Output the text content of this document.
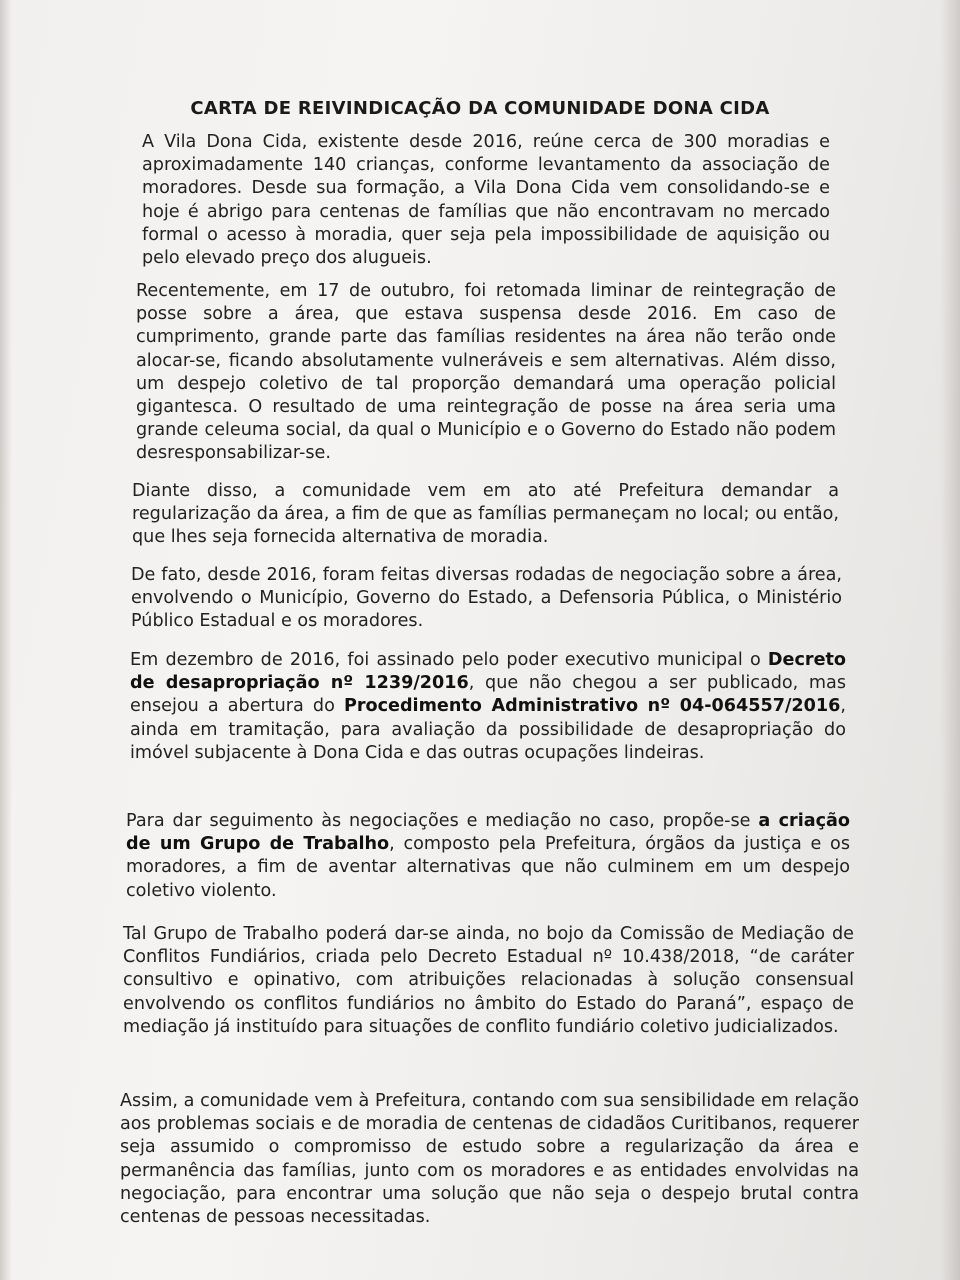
CARTA DE REIVINDICAÇÃO DA COMUNIDADE DONA CIDA

A Vila Dona Cida, existente desde 2016, reúne cerca de 300 moradias e aproximadamente 140 crianças, conforme levantamento da associação de moradores. Desde sua formação, a Vila Dona Cida vem consolidando-se e hoje é abrigo para centenas de famílias que não encontravam no mercado formal o acesso à moradia, quer seja pela impossibilidade de aquisição ou pelo elevado preço dos alugueis.

Recentemente, em 17 de outubro, foi retomada liminar de reintegração de posse sobre a área, que estava suspensa desde 2016. Em caso de cumprimento, grande parte das famílias residentes na área não terão onde alocar-se, ficando absolutamente vulneráveis e sem alternativas. Além disso, um despejo coletivo de tal proporção demandará uma operação policial gigantesca. O resultado de uma reintegração de posse na área seria uma grande celeuma social, da qual o Município e o Governo do Estado não podem desresponsabilizar-se.

Diante disso, a comunidade vem em ato até Prefeitura demandar a regularização da área, a fim de que as famílias permaneçam no local; ou então, que lhes seja fornecida alternativa de moradia.

De fato, desde 2016, foram feitas diversas rodadas de negociação sobre a área, envolvendo o Município, Governo do Estado, a Defensoria Pública, o Ministério Público Estadual e os moradores.

Em dezembro de 2016, foi assinado pelo poder executivo municipal o Decreto de desapropriação nº 1239/2016, que não chegou a ser publicado, mas ensejou a abertura do Procedimento Administrativo nº 04-064557/2016, ainda em tramitação, para avaliação da possibilidade de desapropriação do imóvel subjacente à Dona Cida e das outras ocupações lindeiras.

Para dar seguimento às negociações e mediação no caso, propõe-se a criação de um Grupo de Trabalho, composto pela Prefeitura, órgãos da justiça e os moradores, a fim de aventar alternativas que não culminem em um despejo coletivo violento.

Tal Grupo de Trabalho poderá dar-se ainda, no bojo da Comissão de Mediação de Conflitos Fundiários, criada pelo Decreto Estadual nº 10.438/2018, “de caráter consultivo e opinativo, com atribuições relacionadas à solução consensual envolvendo os conflitos fundiários no âmbito do Estado do Paraná”, espaço de mediação já instituído para situações de conflito fundiário coletivo judicializados.

Assim, a comunidade vem à Prefeitura, contando com sua sensibilidade em relação aos problemas sociais e de moradia de centenas de cidadãos Curitibanos, requerer seja assumido o compromisso de estudo sobre a regularização da área e permanência das famílias, junto com os moradores e as entidades envolvidas na negociação, para encontrar uma solução que não seja o despejo brutal contra centenas de pessoas necessitadas.
